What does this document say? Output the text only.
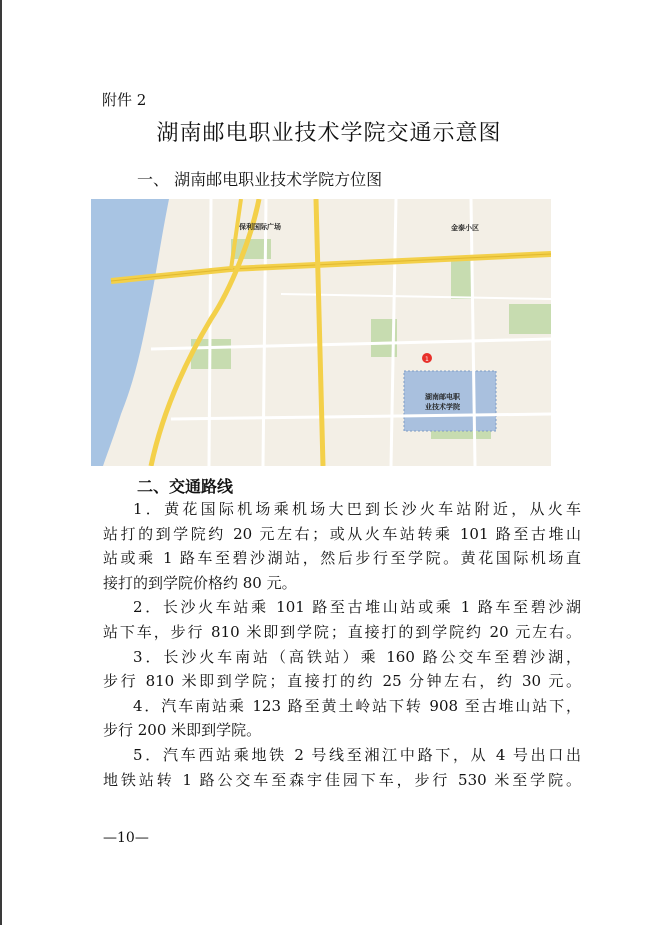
附件 2

湖南邮电职业技术学院交通示意图

一、 湖南邮电职业技术学院方位图

保利国际广场	金泰小区
湖南邮电职
业技术学院
1

二、交通路线

1．黄花国际机场乘机场大巴到长沙火车站附近，从火车

站打的到学院约 20 元左右；或从火车站转乘 101 路至古堆山

站或乘 1 路车至碧沙湖站，然后步行至学院。黄花国际机场直

接打的到学院价格约 80 元。

2．长沙火车站乘 101 路至古堆山站或乘 1 路车至碧沙湖

站下车，步行 810 米即到学院；直接打的到学院约 20 元左右。

3．长沙火车南站（高铁站）乘 160 路公交车至碧沙湖，

步行 810 米即到学院；直接打的约 25 分钟左右，约 30 元。

4．汽车南站乘 123 路至黄土岭站下转 908 至古堆山站下，

步行 200 米即到学院。

5．汽车西站乘地铁 2 号线至湘江中路下，从 4 号出口出

地铁站转 1 路公交车至森宇佳园下车，步行 530 米至学院。

—10—
